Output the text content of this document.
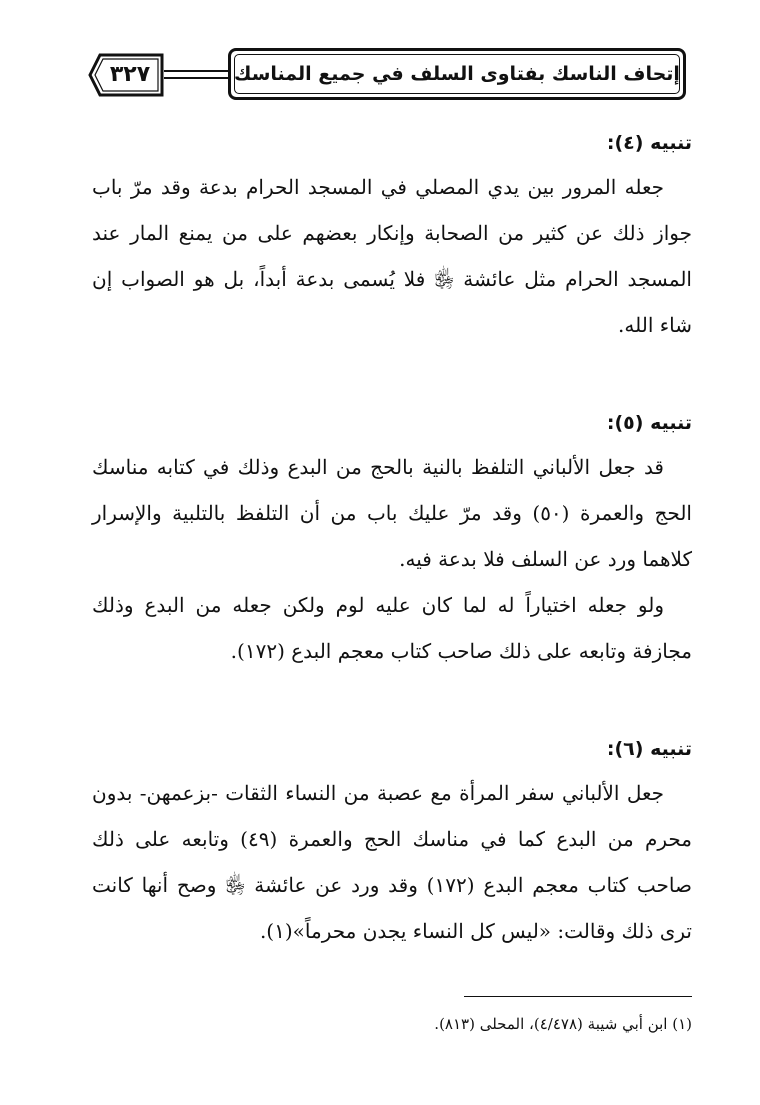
٣٢٧	إتحاف الناسك بفتاوى السلف في جميع المناسك

تنبيه (٤):

جعله المرور بين يدي المصلي في المسجد الحرام بدعة وقد مرّ باب جواز ذلك عن كثير من الصحابة وإنكار بعضهم على من يمنع المار عند المسجد الحرام مثل عائشة ﵂ فلا يُسمى بدعة أبداً، بل هو الصواب إن شاء الله.

تنبيه (٥):

قد جعل الألباني التلفظ بالنية بالحج من البدع وذلك في كتابه مناسك الحج والعمرة (٥٠) وقد مرّ عليك باب من أن التلفظ بالتلبية والإسرار كلاهما ورد عن السلف فلا بدعة فيه.

ولو جعله اختياراً له لما كان عليه لوم ولكن جعله من البدع وذلك مجازفة وتابعه على ذلك صاحب كتاب معجم البدع (١٧٢).

تنبيه (٦):

جعل الألباني سفر المرأة مع عصبة من النساء الثقات -بزعمهن- بدون محرم من البدع كما في مناسك الحج والعمرة (٤٩) وتابعه على ذلك صاحب كتاب معجم البدع (١٧٢) وقد ورد عن عائشة ﵂ وصح أنها كانت ترى ذلك وقالت: «ليس كل النساء يجدن محرماً»(١).

(١) ابن أبي شيبة (٤/٤٧٨)، المحلى (٨١٣).
